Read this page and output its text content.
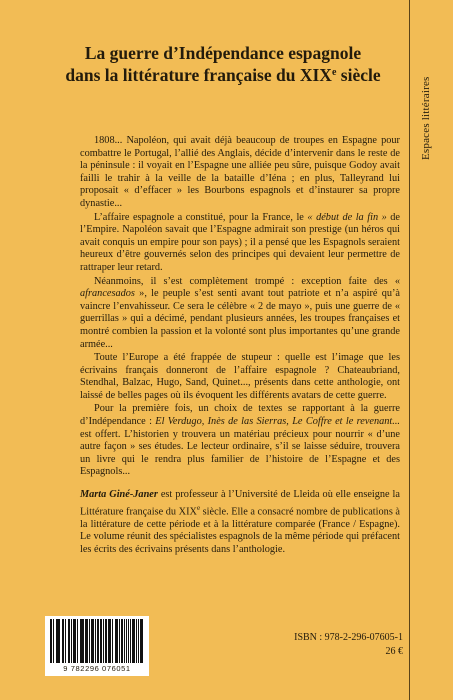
Espaces littéraires
La guerre d’Indépendance espagnole
dans la littérature française du XIXe siècle

1808... Napoléon, qui avait déjà beaucoup de troupes en Espagne pour combattre le Portugal, l’allié des Anglais, décide d’intervenir dans le reste de la péninsule : il voyait en l’Espagne une alliée peu sûre, puisque Godoy avait failli le trahir à la veille de la bataille d’Iéna ; en plus, Talleyrand lui proposait « d’effacer » les Bourbons espagnols et d’instaurer sa propre dynastie...

L’affaire espagnole a constitué, pour la France, le « début de la fin » de l’Empire. Napoléon savait que l’Espagne admirait son prestige (un héros qui avait conquis un empire pour son pays) ; il a pensé que les Espagnols seraient heureux d’être gouvernés selon des principes qui devaient leur permettre de rattraper leur retard.

Néanmoins, il s’est complètement trompé : exception faite des « afrancesados », le peuple s’est senti avant tout patriote et n’a aspiré qu’à vaincre l’envahisseur. Ce sera le célèbre « 2 de mayo », puis une guerre de « guerrillas » qui a décimé, pendant plusieurs années, les troupes françaises et montré combien la passion et la volonté sont plus importantes qu’une grande armée...

Toute l’Europe a été frappée de stupeur : quelle est l’image que les écrivains français donneront de l’affaire espagnole ? Chateaubriand, Stendhal, Balzac, Hugo, Sand, Quinet..., présents dans cette anthologie, ont laissé de belles pages où ils évoquent les différents avatars de cette guerre.

Pour la première fois, un choix de textes se rapportant à la guerre d’Indépendance : El Verdugo, Inès de las Sierras, Le Coffre et le revenant... est offert. L’historien y trouvera un matériau précieux pour nourrir « d’une autre façon » ses études. Le lecteur ordinaire, s’il se laisse séduire, trouvera un livre qui le rendra plus familier de l’histoire de l’Espagne et des Espagnols...

Marta Giné-Janer est professeur à l’Université de Lleida où elle enseigne la Littérature française du XIXe siècle. Elle a consacré nombre de publications à la littérature de cette période et à la littérature comparée (France / Espagne). Le volume réunit des spécialistes espagnols de la même période qui préfacent les écrits des écrivains présents dans l’anthologie.

9 782296 076051
ISBN : 978-2-296-07605-1
26 €
